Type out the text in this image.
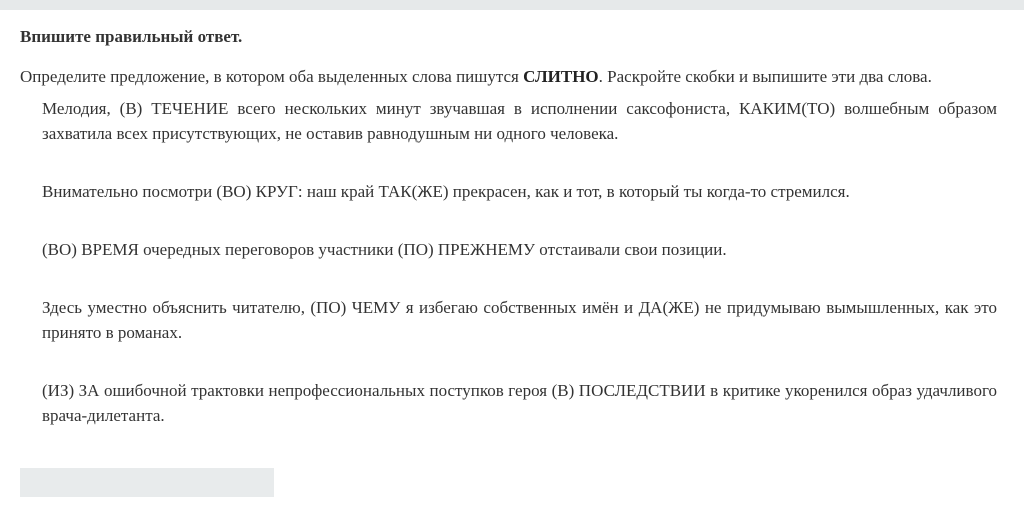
Впишите правильный ответ.
Определите предложение, в котором оба выделенных слова пишутся СЛИТНО. Раскройте скобки и выпишите эти два слова.

Мелодия, (В) ТЕЧЕНИЕ всего нескольких минут звучавшая в исполнении саксофониста, КАКИМ(ТО) волшебным образом захватила всех присутствующих, не оставив равнодушным ни одного человека.

Внимательно посмотри (ВО) КРУГ: наш край ТАК(ЖЕ) прекрасен, как и тот, в который ты когда-то стремился.

(ВО) ВРЕМЯ очередных переговоров участники (ПО) ПРЕЖНЕМУ отстаивали свои позиции.

Здесь уместно объяснить читателю, (ПО) ЧЕМУ я избегаю собственных имён и ДА(ЖЕ) не придумываю вымышленных, как это принято в романах.

(ИЗ) ЗА ошибочной трактовки непрофессиональных поступков героя (В) ПОСЛЕДСТВИИ в критике укоренился образ удачливого врача-дилетанта.
